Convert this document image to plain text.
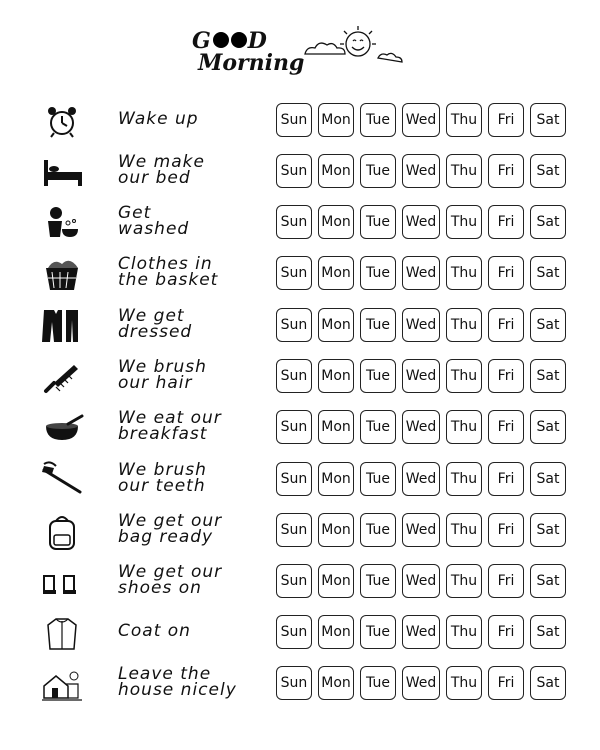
G D
Morning
Wake up	Sun Mon	Tue	Wed	Thu	Fri	Sat
We make
our bed	Sun Mon	Tue	Wed	Thu	Fri	Sat
Get
washed	Sun Mon	Tue	Wed	Thu	Fri	Sat
Clothes in
the basket	Sun Mon	Tue	Wed	Thu	Fri	Sat
We get
dressed	Sun Mon	Tue	Wed	Thu	Fri	Sat
We brush
our hair	Sun Mon	Tue	Wed	Thu	Fri	Sat
We eat our
breakfast	Sun Mon	Tue	Wed	Thu	Fri	Sat
We brush
our teeth	Sun Mon	Tue	Wed	Thu	Fri	Sat
We get our
bag ready	Sun Mon	Tue	Wed	Thu	Fri	Sat
We get our
shoes on	Sun Mon	Tue	Wed	Thu	Fri	Sat
Coat on	Sun Mon	Tue	Wed	Thu	Fri	Sat
Leave the
house nicely	Sun Mon	Tue	Wed	Thu	Fri	Sat
